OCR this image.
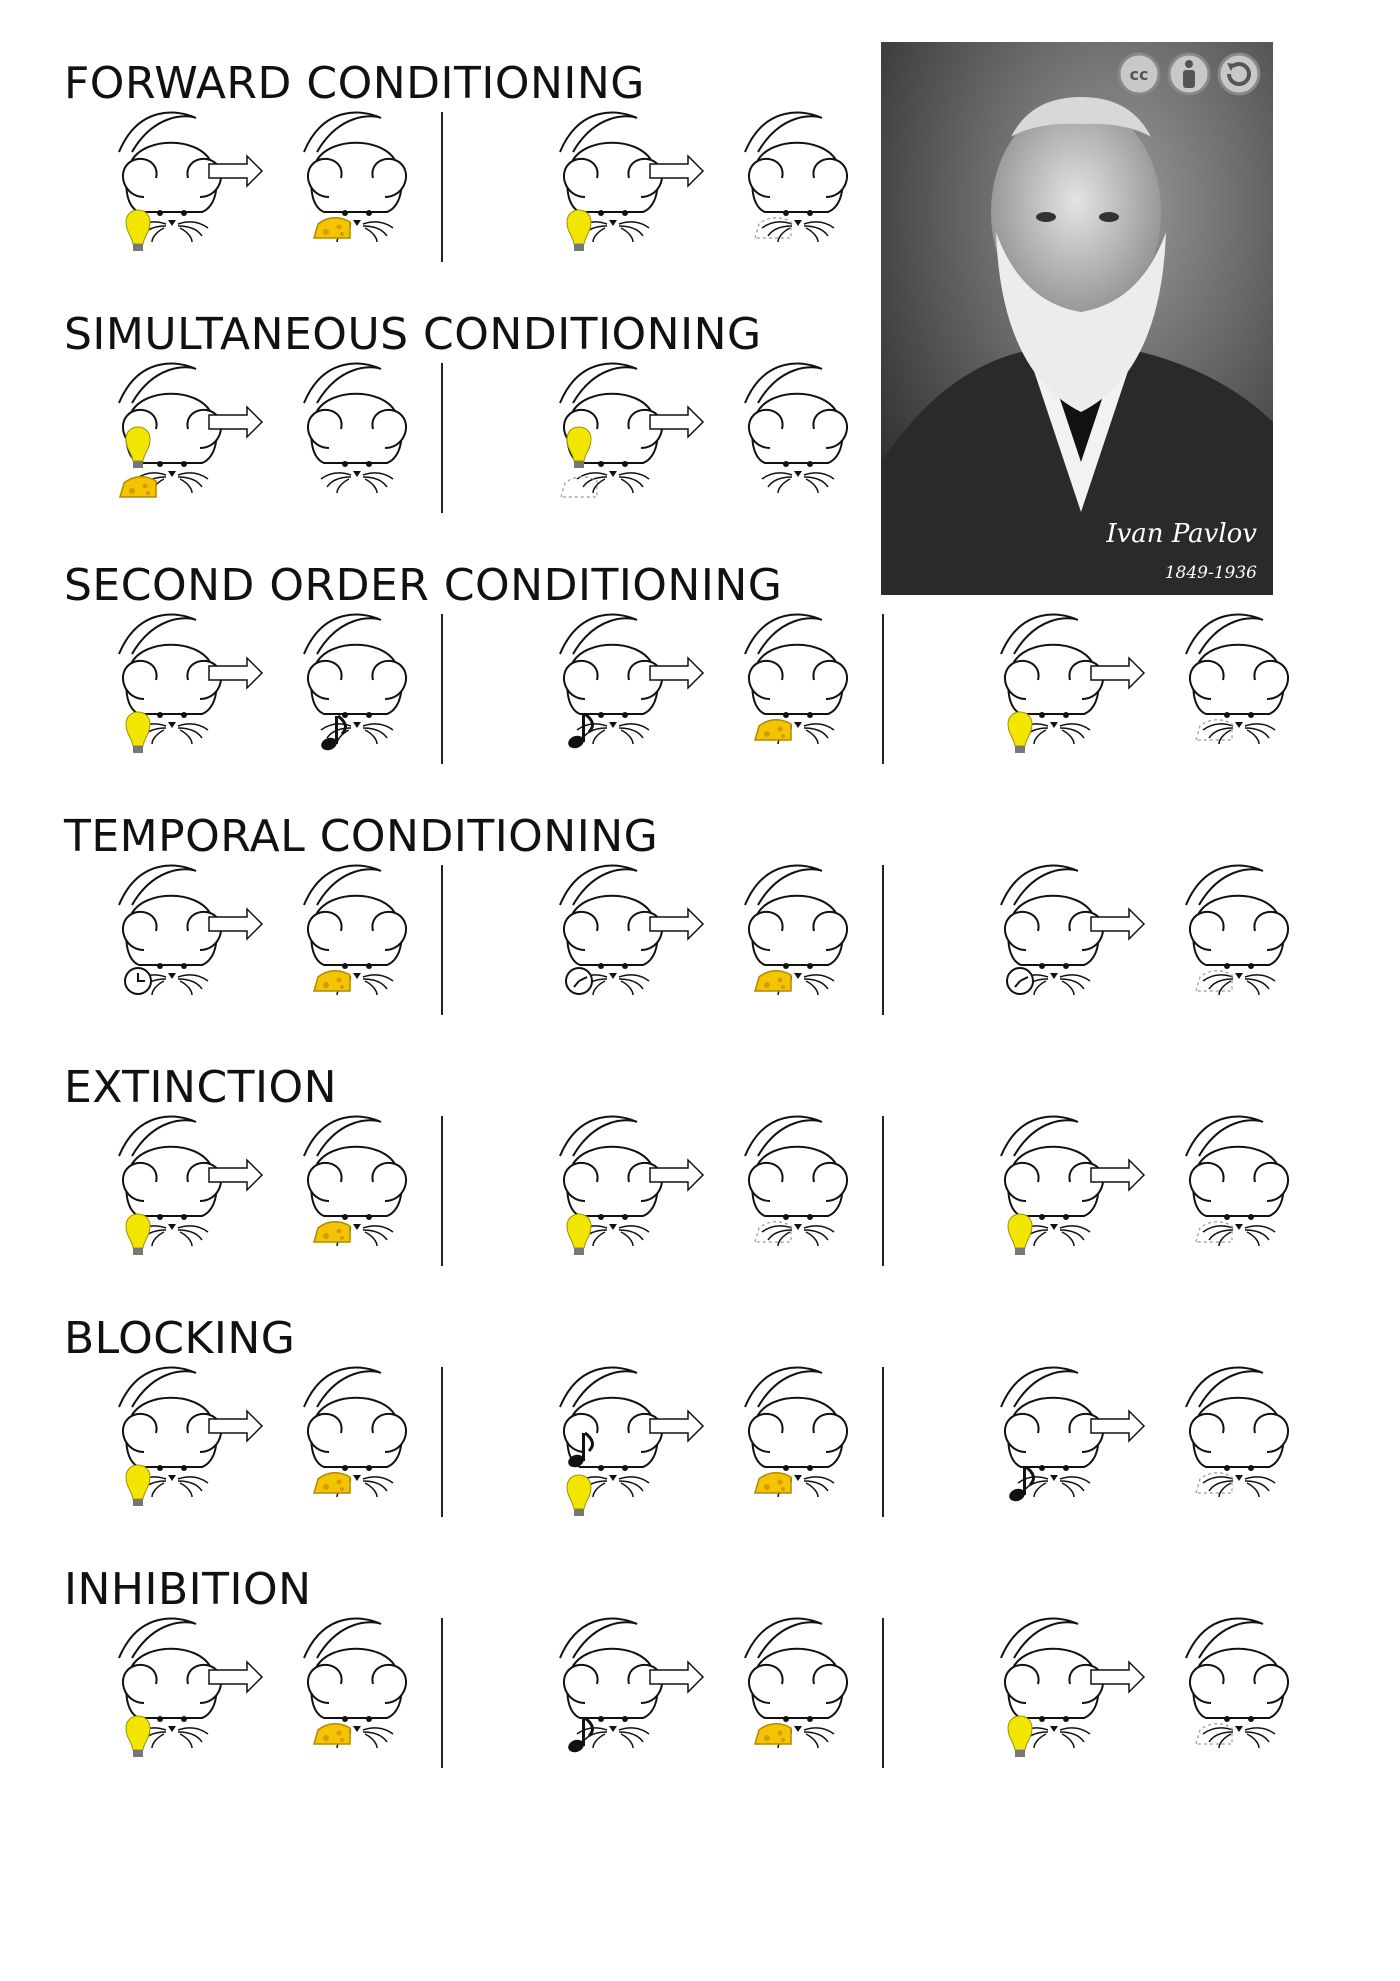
FORWARD CONDITIONING
SIMULTANEOUS CONDITIONING
SECOND ORDER CONDITIONING
TEMPORAL CONDITIONING
EXTINCTION
BLOCKING
INHIBITION
cc
Ivan Pavlov
1849-1936
